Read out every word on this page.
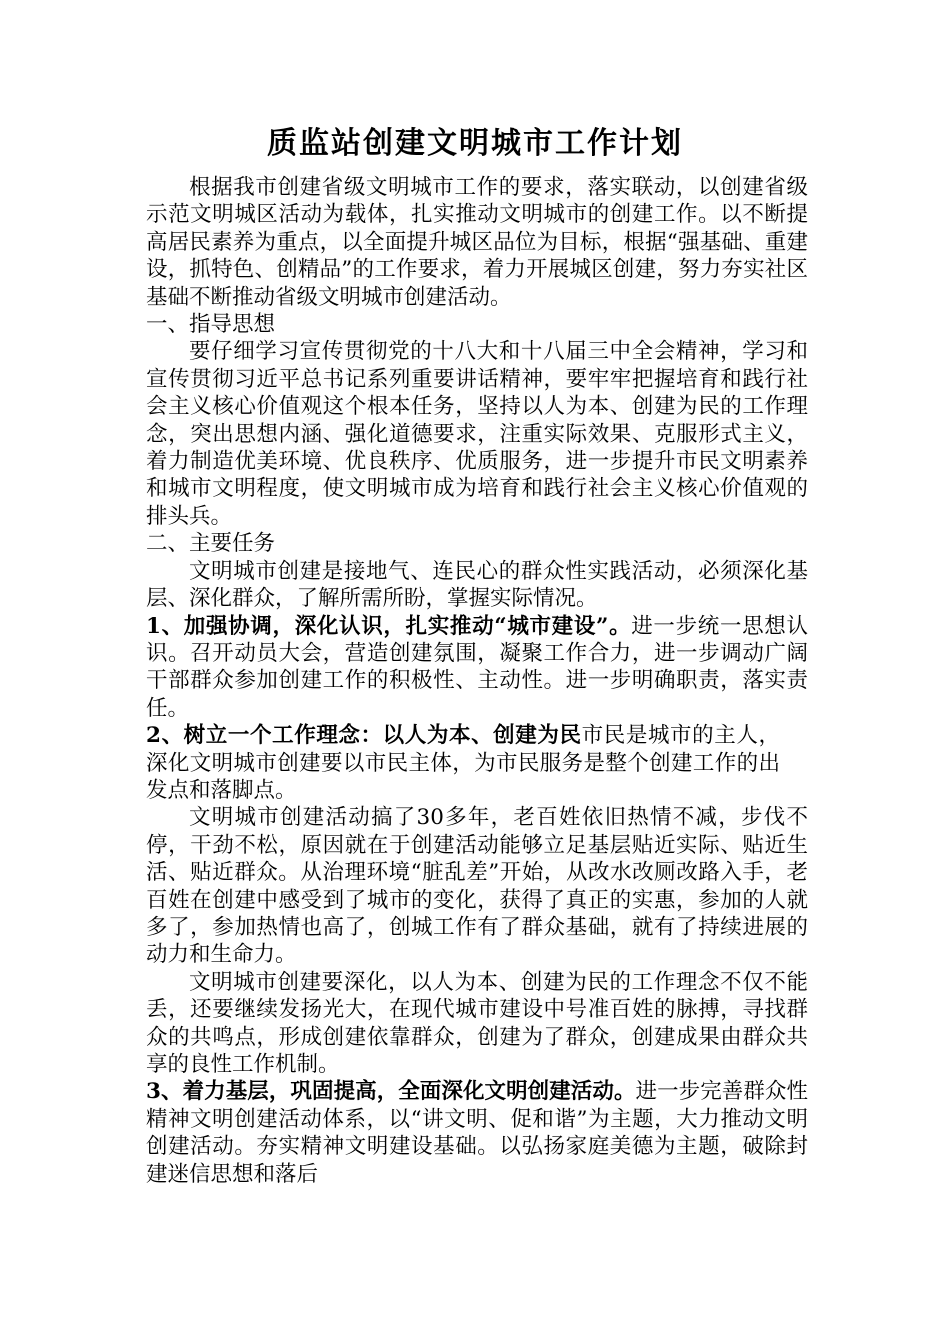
质监站创建文明城市工作计划

根据我市创建省级文明城市工作的要求，落实联动，以创建省级示范文明城区活动为载体，扎实推动文明城市的创建工作。以不断提高居民素养为重点，以全面提升城区品位为目标，根据“强基础、重建设，抓特色、创精品”的工作要求，着力开展城区创建，努力夯实社区基础不断推动省级文明城市创建活动。

一、指导思想

要仔细学习宣传贯彻党的十八大和十八届三中全会精神，学习和宣传贯彻习近平总书记系列重要讲话精神，要牢牢把握培育和践行社会主义核心价值观这个根本任务，坚持以人为本、创建为民的工作理念，突出思想内涵、强化道德要求，注重实际效果、克服形式主义，着力制造优美环境、优良秩序、优质服务，进一步提升市民文明素养和城市文明程度，使文明城市成为培育和践行社会主义核心价值观的排头兵。

二、主要任务

文明城市创建是接地气、连民心的群众性实践活动，必须深化基层、深化群众，了解所需所盼，掌握实际情况。

1、加强协调，深化认识，扎实推动“城市建设”。进一步统一思想认识。召开动员大会，营造创建氛围，凝聚工作合力，进一步调动广阔干部群众参加创建工作的积极性、主动性。进一步明确职责，落实责任。

2、树立一个工作理念：以人为本、创建为民市民是城市的主人，深化文明城市创建要以市民主体，为市民服务是整个创建工作的出发点和落脚点。

文明城市创建活动搞了30多年，老百姓依旧热情不减，步伐不停，干劲不松，原因就在于创建活动能够立足基层贴近实际、贴近生活、贴近群众。从治理环境“脏乱差”开始，从改水改厕改路入手，老百姓在创建中感受到了城市的变化，获得了真正的实惠，参加的人就多了，参加热情也高了，创城工作有了群众基础，就有了持续进展的动力和生命力。

文明城市创建要深化，以人为本、创建为民的工作理念不仅不能丢，还要继续发扬光大，在现代城市建设中号准百姓的脉搏，寻找群众的共鸣点，形成创建依靠群众，创建为了群众，创建成果由群众共享的良性工作机制。

3、着力基层，巩固提高，全面深化文明创建活动。进一步完善群众性精神文明创建活动体系，以“讲文明、促和谐”为主题，大力推动文明创建活动。夯实精神文明建设基础。以弘扬家庭美德为主题，破除封建迷信思想和落后
